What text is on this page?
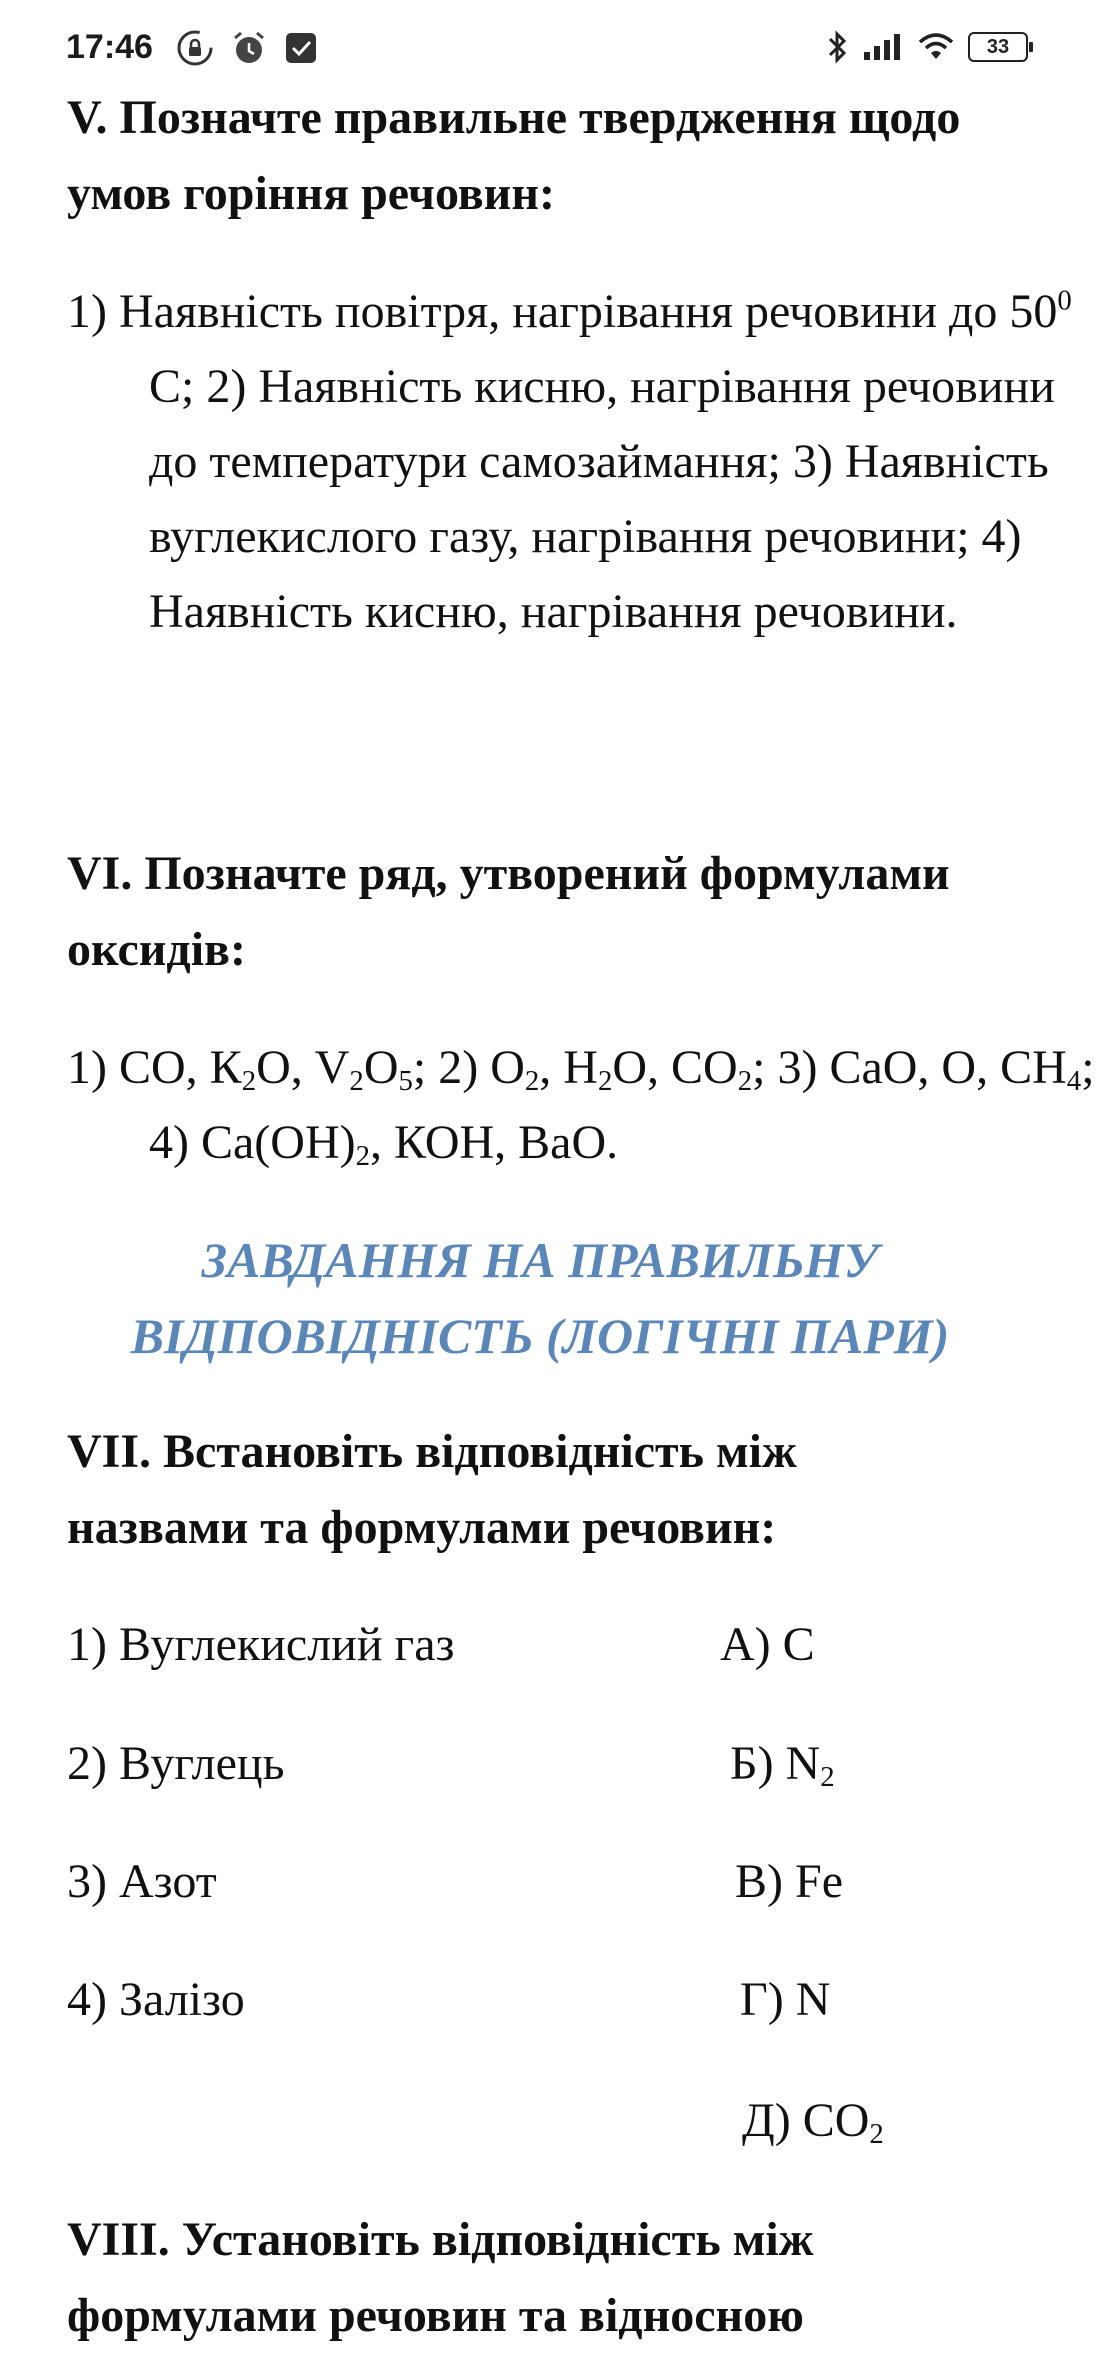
17:46	33
V. Позначте правильне твердження щодо
умов горіння речовин:
1) Наявність повітря, нагрівання речовини до $50^0$ С; 2) Наявність кисню, нагрівання речовини до температури самозаймання; 3) Наявність вуглекислого газу, нагрівання речовини; 4) Наявність кисню, нагрівання речовини.
VI. Позначте ряд, утворений формулами
оксидів:
1) СО, $К_2О$, $V_2О_5$; 2) $О_2$, $Н_2О$, $СО_2$; 3) СаО, О, $СН_4$; 4) $Са(ОН)_2$, КОН, ВаО.
ЗАВДАННЯ НА ПРАВИЛЬНУ
ВІДПОВІДНІСТЬ (ЛОГІЧНІ ПАРИ)
VII. Встановіть відповідність між
назвами та формулами речовин:
1) Вуглекислий газ
2) Вуглець
3) Азот
4) Залізо
А) С
Б) $N_2$
В) Fe
Г) N
Д) $СО_2$
VIII. Установіть відповідність між
формулами речовин та відносною
